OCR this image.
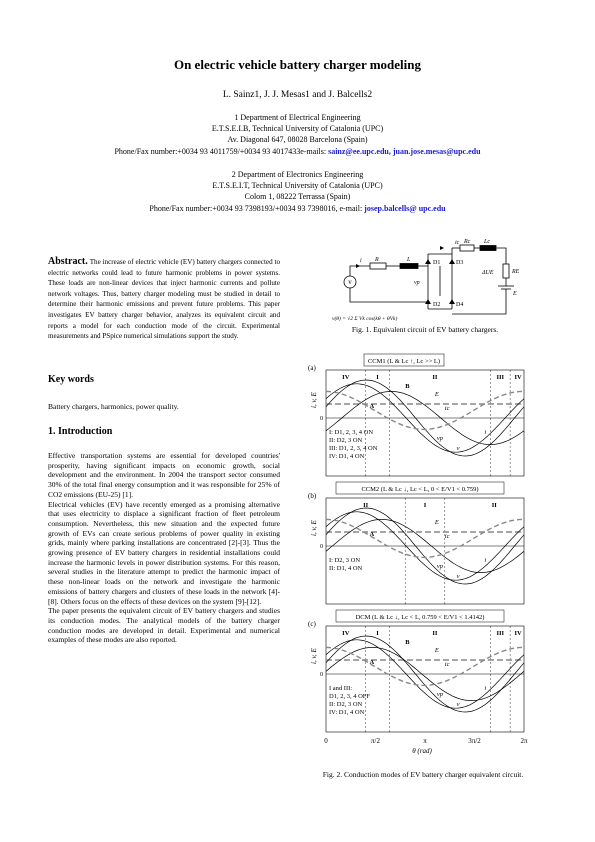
On electric vehicle battery charger modeling
L. Sainz1, J. J. Mesas1 and J. Balcells2
1 Department of Electrical Engineering
E.T.S.E.I.B, Technical University of Catalonia (UPC)
Av. Diagonal 647, 08028 Barcelona (Spain)
Phone/Fax number:+0034 93 4011759/+0034 93 4017433e-mails: sainz@ee.upc.edu, juan.jose.mesas@upc.edu
2 Department of Electronics Engineering
E.T.S.E.I.T, Technical University of Catalonia (UPC)
Colom 1, 08222 Terrassa (Spain)
Phone/Fax number:+0034 93 7398193/+0034 93 7398016, e-mail: josep.balcells@ upc.edu
Abstract. The increase of electric vehicle (EV) battery chargers connected to electric networks could lead to future harmonic problems in power systems. These loads are non-linear devices that inject harmonic currents and pollute network voltages. Thus, battery charger modeling must be studied in detail to determine their harmonic emissions and prevent future problems. This paper investigates EV battery charger behavior, analyzes its equivalent circuit and reports a model for each conduction mode of the circuit. Experimental measurements and PSpice numerical simulations support the study.
Key words
Battery chargers, harmonics, power quality.
1. Introduction
Effective transportation systems are essential for developed countries' prosperity, having significant impacts on economic growth, social development and the environment. In 2004 the transport sector consumed 30% of the total final energy consumption and it was responsible for 25% of CO2 emissions (EU-25) [1].
Electrical vehicles (EV) have recently emerged as a promising alternative that uses electricity to displace a significant fraction of fleet petroleum consumption. Nevertheless, this new situation and the expected future growth of EVs can create serious problems of power quality in existing grids, mainly where parking installations are concentrated [2]-[3]. Thus the growing presence of EV battery chargers in residential installations could increase the harmonic levels in power distribution systems. For this reason, several studies in the literature attempt to predict the harmonic impact of these non-linear loads on the network and investigate the harmonic emissions of battery chargers and clusters of these loads in the network [4]-[8]. Others focus on the effects of these devices on the system [9]-[12].
The paper presents the equivalent circuit of EV battery chargers and studies its conduction modes. The analytical models of the battery charger conduction modes are developed in detail. Experimental and numerical examples of these modes are also reported.
v
i R	L	D1	D3
D2	D4
vp
ic Rc Lc
ΔUE	RE
E
v(θ) = √2 Σ Vk cos(kθ + θVk)
Fig. 1. Equivalent circuit of EV battery chargers.
(a)
CCM1 (L & Lc ↑, Lc >> L)
0
i, v, E
IV	I	II	III IV
B
A
E
ic
vp
i
v
I: D1, 2, 3, 4 ON
II: D2, 3 ON
III: D1, 2, 3, 4 ON
IV: D1, 4 ON
(b)
CCM2 (L & Lc ↓, Lc < L, 0 < E/V1 < 0.759)
0
i, v, E
II	I	II
E
ic
A
vp
i
v
I: D2, 3 ON
II: D1, 4 ON
(c)
DCM (L & Lc ↓, Lc < L, 0.759 < E/V1 < 1.4142)
0
i, v, E
IV	I	II	III IV
E
ic
B
A
vp
i
v
I and III:
D1, 2, 3, 4 OFF
II: D2, 3 ON
IV: D1, 4 ON
0	π/2	π	3π/2	2π
θ (rad)
Fig. 2. Conduction modes of EV battery charger equivalent circuit.
